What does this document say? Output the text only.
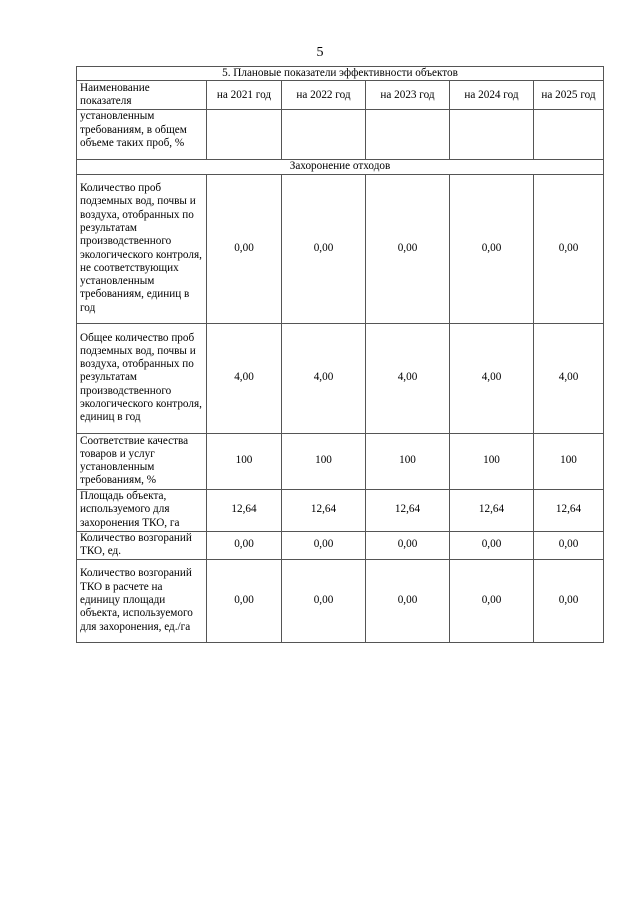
5
5. Плановые показатели эффективности объектов					
Наименование показателя	на 2021 год	на 2022 год	на 2023 год	на 2024 год	на 2025 год
установленным требованиям, в общем объеме таких проб, %					
Захоронение отходов					
Количество проб подземных вод, почвы и воздуха, отобранных по результатам производственного экологического контроля, не соответствующих установленным требованиям, единиц в год	0,00	0,00	0,00	0,00	0,00
Общее количество проб подземных вод, почвы и воздуха, отобранных по результатам производственного экологического контроля, единиц в год	4,00	4,00	4,00	4,00	4,00
Соответствие качества товаров и услуг установленным требованиям, %	100	100	100	100	100
Площадь объекта, используемого для захоронения ТКО, га	12,64	12,64	12,64	12,64	12,64
Количество возгораний ТКО, ед.	0,00	0,00	0,00	0,00	0,00
Количество возгораний ТКО в расчете на единицу площади объекта, используемого для захоронения, ед./га	0,00	0,00	0,00	0,00	0,00
